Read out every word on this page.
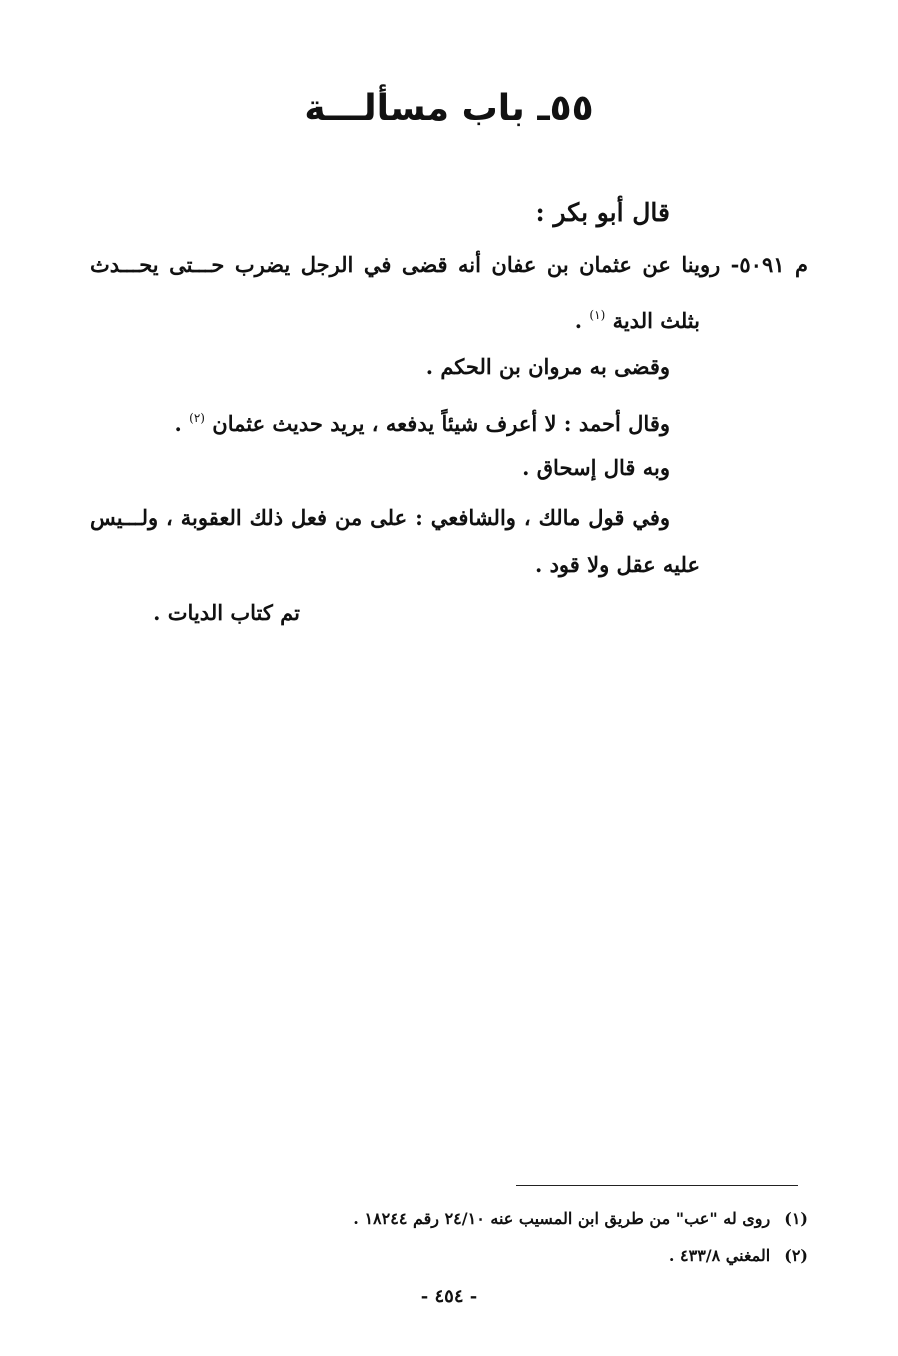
٥٥ـ باب مسألـــة
قال أبو بكر :
م ٥٠٩١- روينا عن عثمان بن عفان أنه قضى في الرجل يضرب حـــتى يحـــدث
بثلث الدية $^{(١)}$ .
وقضى به مروان بن الحكم .
وقال أحمد : لا أعرف شيئاً يدفعه ، يريد حديث عثمان $^{(٢)}$ .
وبه قال إسحاق .
وفي قول مالك ، والشافعي : على من فعل ذلك العقوبة ، ولـــيس
عليه عقل ولا قود .
تم كتاب الديات .
(١)روى له "عب" من طريق ابن المسيب عنه ٢٤/١٠ رقم ١٨٢٤٤ .
(٢)المغني ٤٣٣/٨ .
- ٤٥٤ -
